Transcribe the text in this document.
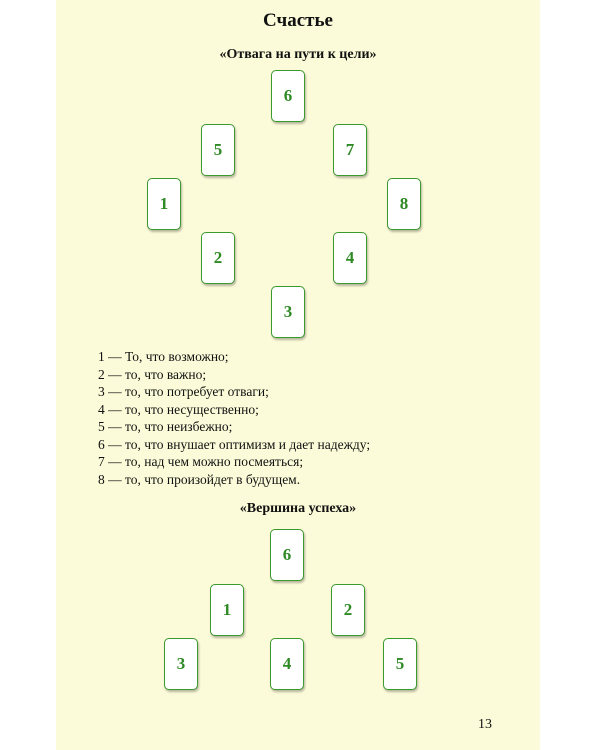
Счастье
«Отвага на пути к цели»
6
5	7
1	8
2	4
3
1 — То, что возможно;
2 — то, что важно;
3 — то, что потребует отваги;
4 — то, что несущественно;
5 — то, что неизбежно;
6 — то, что внушает оптимизм и дает надежду;
7 — то, над чем можно посмеяться;
8 — то, что произойдет в будущем.
«Вершина успеха»
6
1	2
3	4	5
13
